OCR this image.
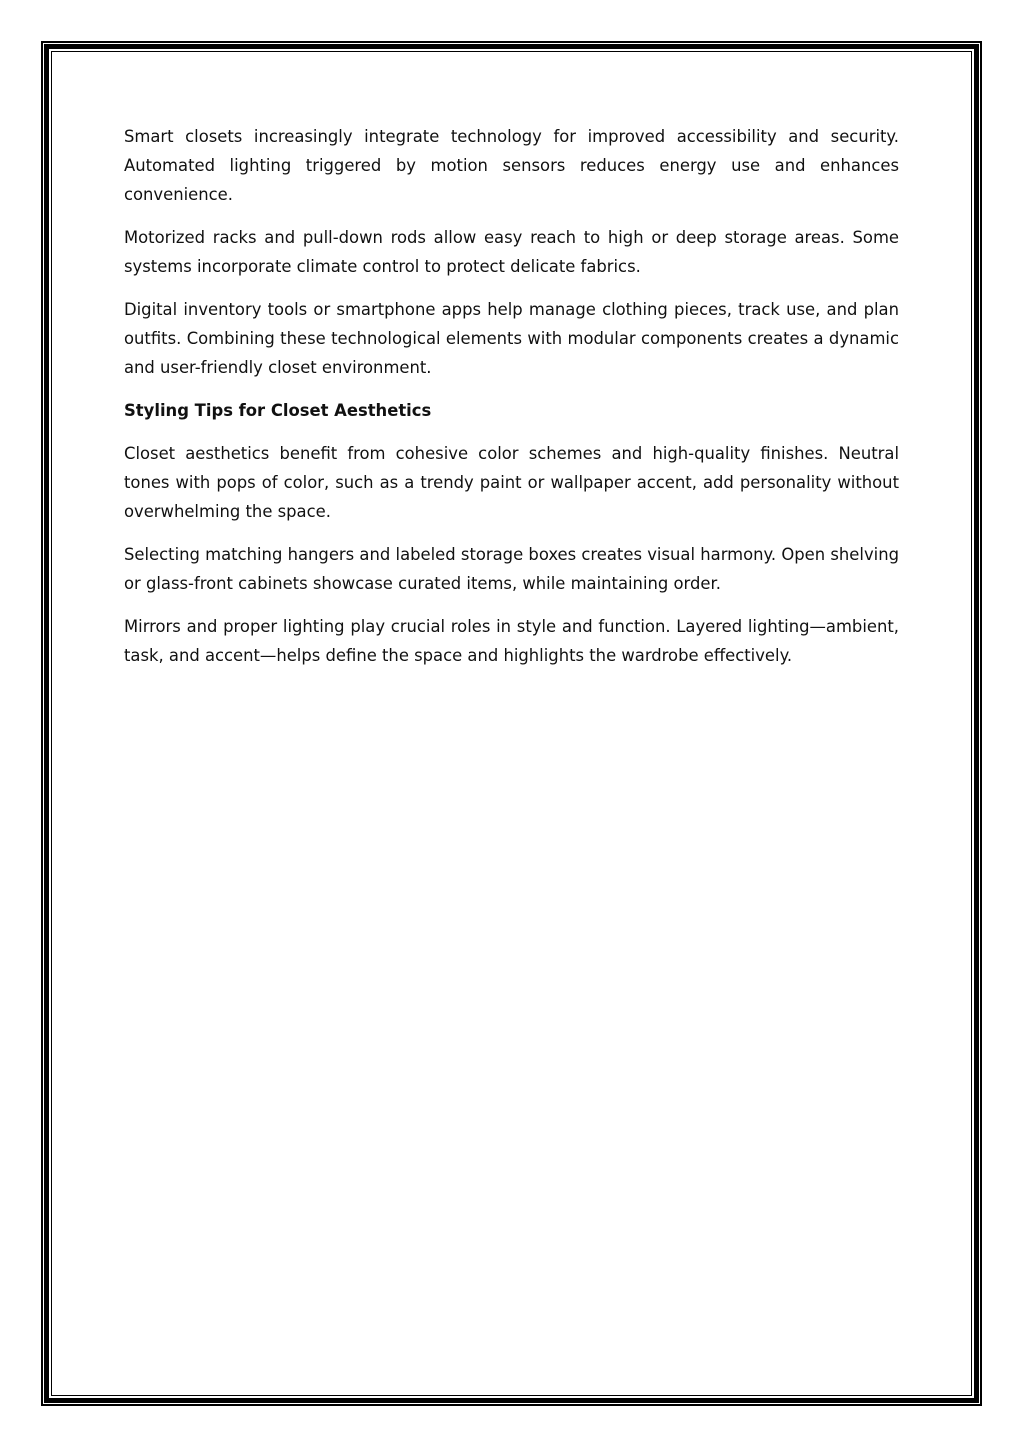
Smart closets increasingly integrate technology for improved accessibility and security. Automated lighting triggered by motion sensors reduces energy use and enhances convenience.

Motorized racks and pull-down rods allow easy reach to high or deep storage areas. Some systems incorporate climate control to protect delicate fabrics.

Digital inventory tools or smartphone apps help manage clothing pieces, track use, and plan outfits. Combining these technological elements with modular components creates a dynamic and user-friendly closet environment.

Styling Tips for Closet Aesthetics

Closet aesthetics benefit from cohesive color schemes and high-quality finishes. Neutral tones with pops of color, such as a trendy paint or wallpaper accent, add personality without overwhelming the space.

Selecting matching hangers and labeled storage boxes creates visual harmony. Open shelving or glass-front cabinets showcase curated items, while maintaining order.

Mirrors and proper lighting play crucial roles in style and function. Layered lighting—ambient, task, and accent—helps define the space and highlights the wardrobe effectively.
